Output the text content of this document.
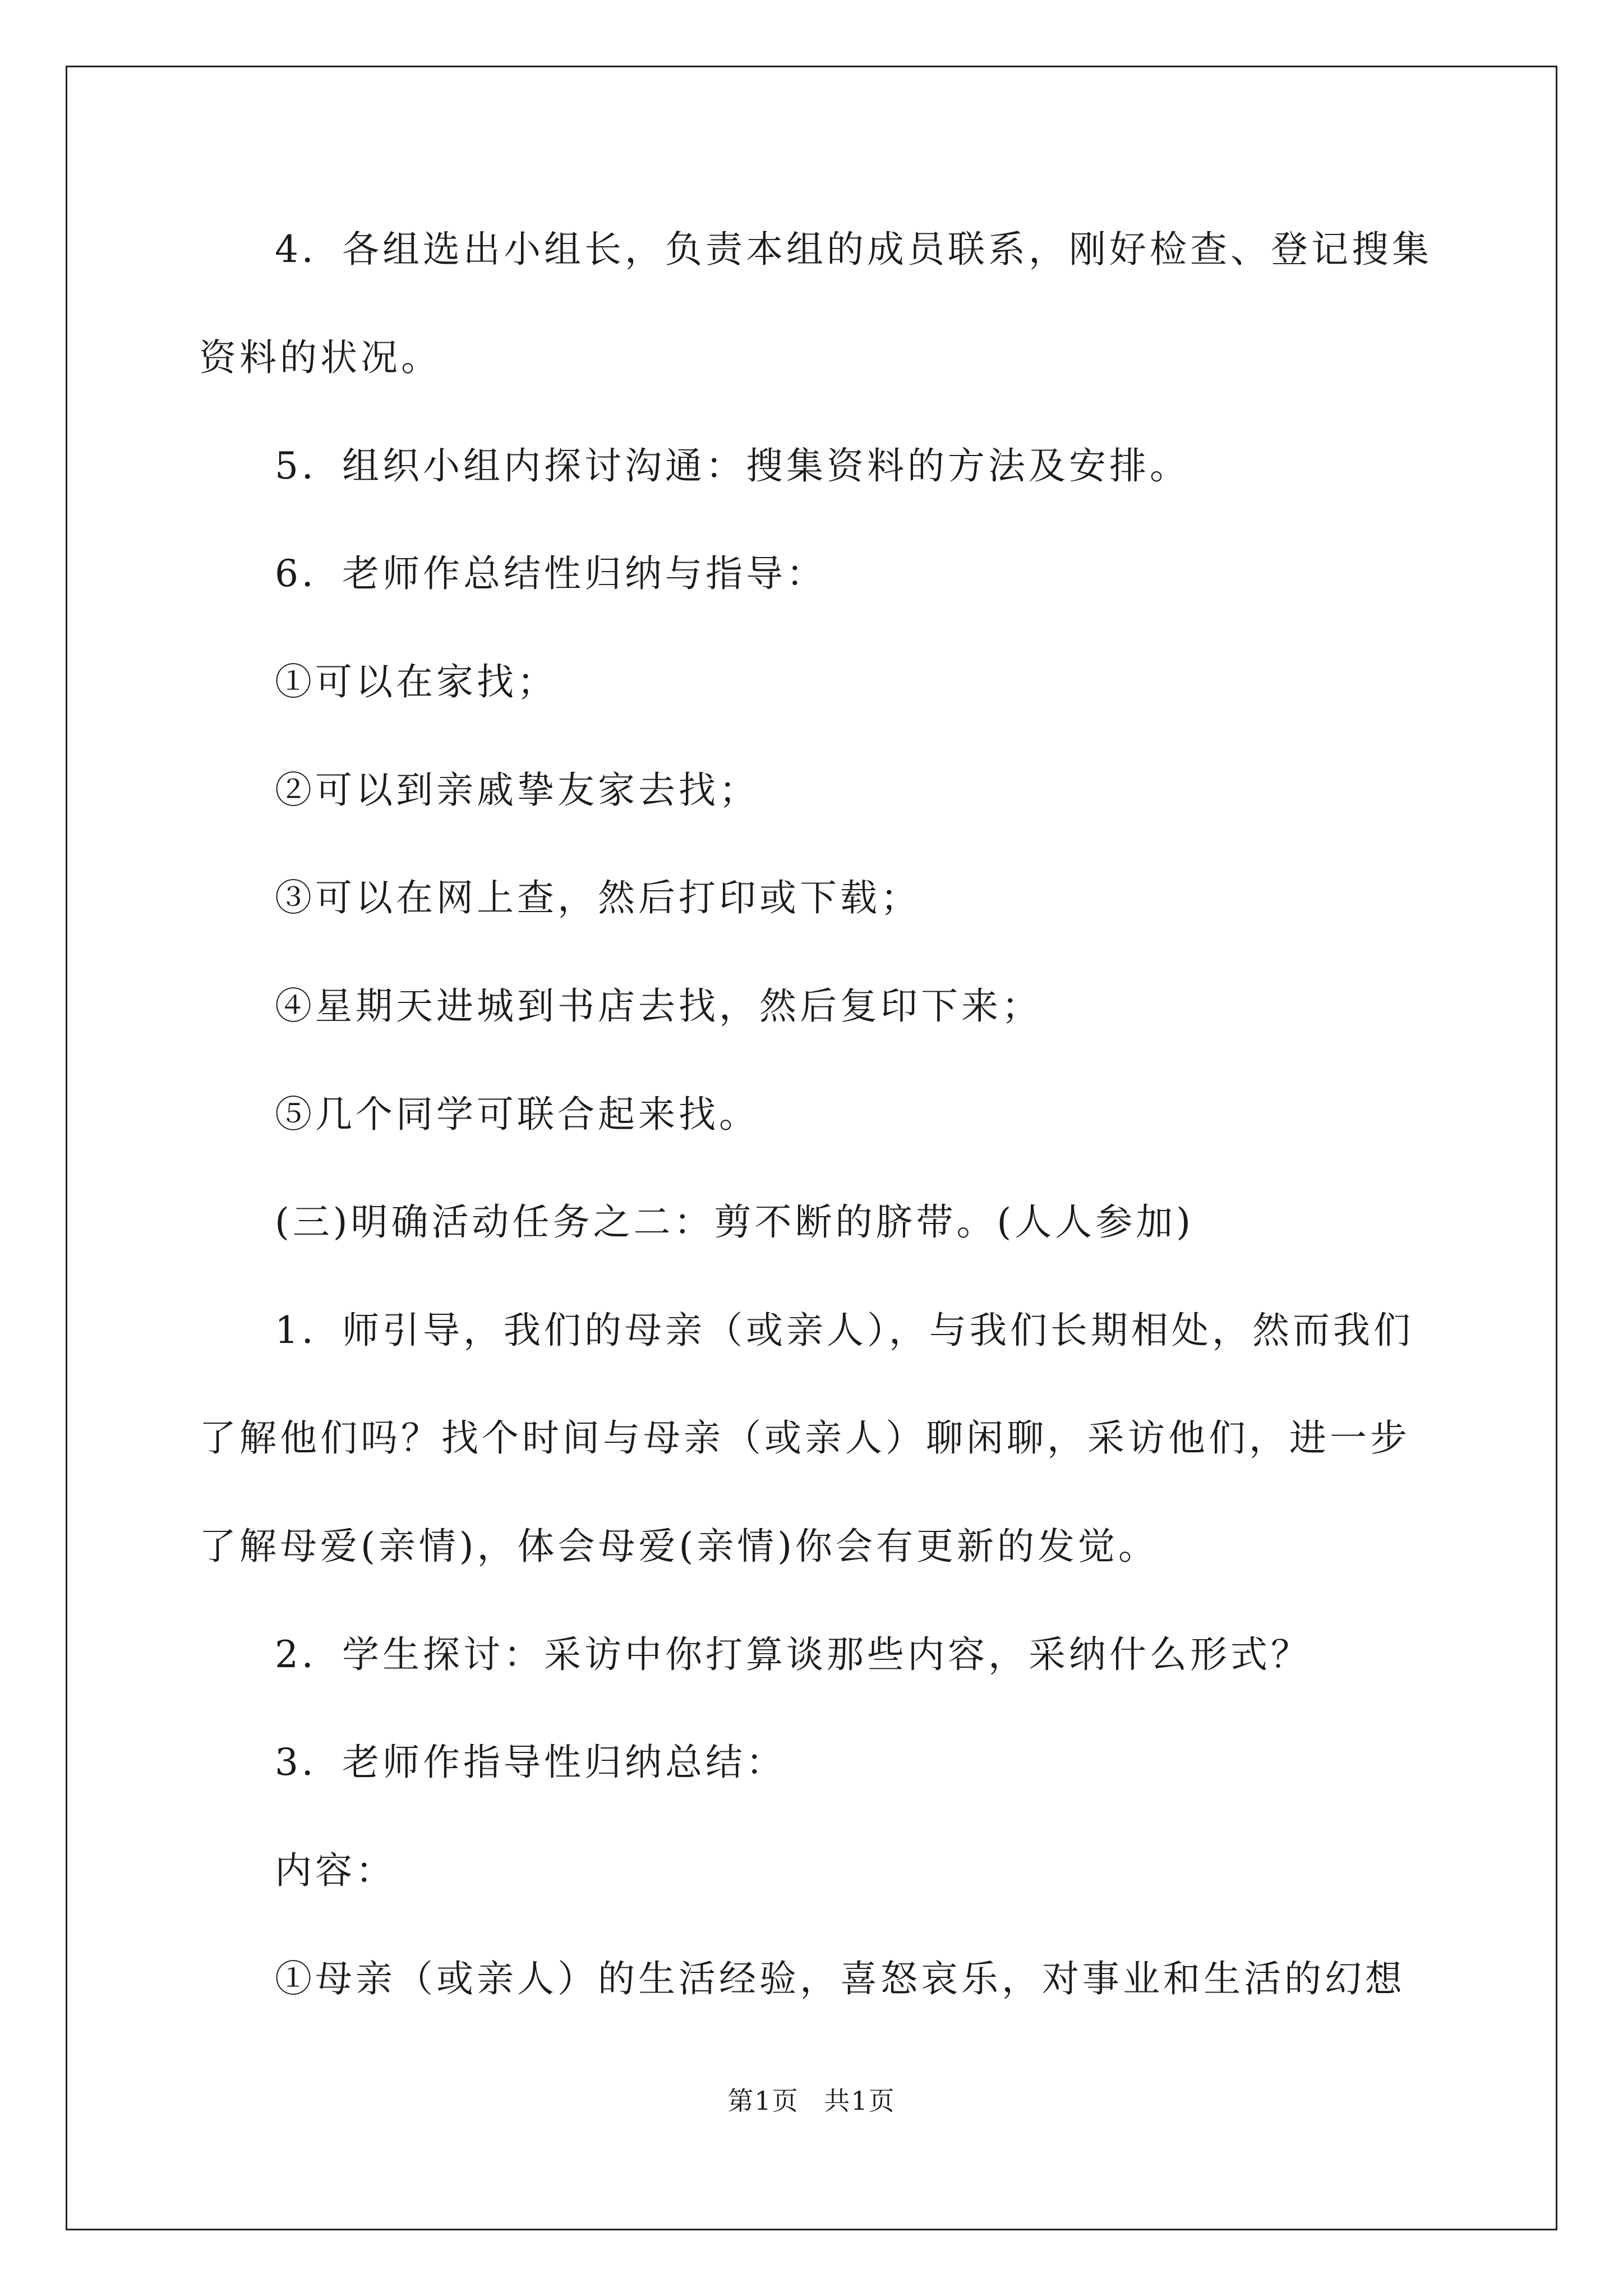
4．各组选出小组长，负责本组的成员联系，刚好检查、登记搜集
资料的状况。
5．组织小组内探讨沟通：搜集资料的方法及安排。
6．老师作总结性归纳与指导：
①可以在家找；
②可以到亲戚挚友家去找；
③可以在网上查，然后打印或下载；
④星期天进城到书店去找，然后复印下来；
⑤几个同学可联合起来找。
(三)明确活动任务之二：剪不断的脐带。(人人参加)
1．师引导，我们的母亲（或亲人），与我们长期相处，然而我们
了解他们吗？找个时间与母亲（或亲人）聊闲聊，采访他们，进一步
了解母爱(亲情)，体会母爱(亲情)你会有更新的发觉。
2．学生探讨：采访中你打算谈那些内容，采纳什么形式？
3．老师作指导性归纳总结：
内容：
①母亲（或亲人）的生活经验，喜怒哀乐，对事业和生活的幻想
第1页 共1页
